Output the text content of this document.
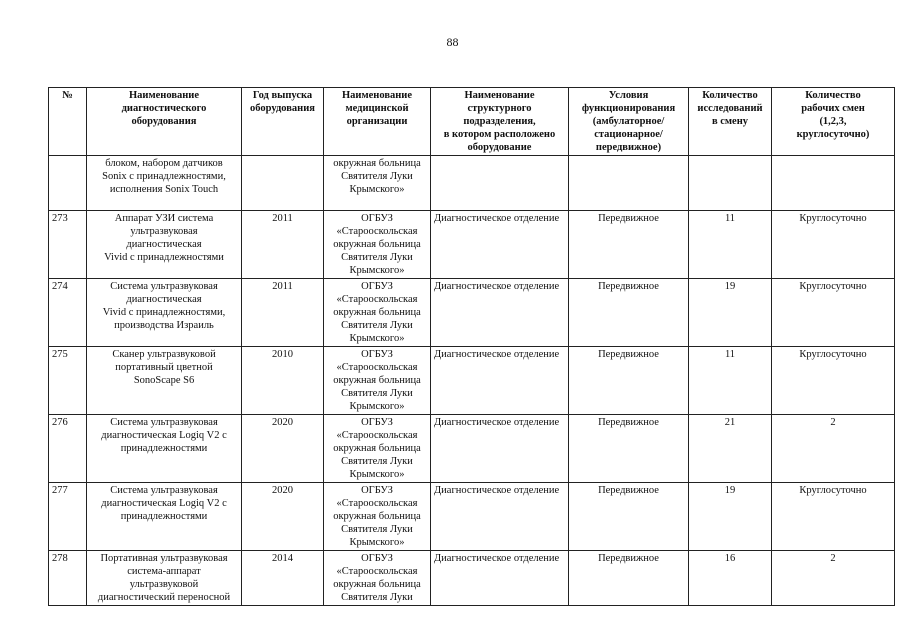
88
№	Наименование
диагностического
оборудования	Год выпуска
оборудования	Наименование
медицинской
организации	Наименование
структурного
подразделения,
в котором расположено
оборудование	Условия
функционирования
(амбулаторное/
стационарное/
передвижное)	Количество
исследований
в смену	Количество
рабочих смен
(1,2,3,
круглосуточно)
	блоком, набором датчиков
Sonix с принадлежностями,
исполнения Sonix Touch		окружная больница
Святителя Луки
Крымского»				
273	Аппарат УЗИ система
ультразвуковая
диагностическая
Vivid с принадлежностями	2011	ОГБУЗ
«Старооскольская
окружная больница
Святителя Луки
Крымского»	Диагностическое отделение	Передвижное	11	Круглосуточно
274	Система ультразвуковая
диагностическая
Vivid с принадлежностями,
производства Израиль	2011	ОГБУЗ
«Старооскольская
окружная больница
Святителя Луки
Крымского»	Диагностическое отделение	Передвижное	19	Круглосуточно
275	Сканер ультразвуковой
портативный цветной
SonoScape S6	2010	ОГБУЗ
«Старооскольская
окружная больница
Святителя Луки
Крымского»	Диагностическое отделение	Передвижное	11	Круглосуточно
276	Система ультразвуковая
диагностическая Logiq V2 с
принадлежностями	2020	ОГБУЗ
«Старооскольская
окружная больница
Святителя Луки
Крымского»	Диагностическое отделение	Передвижное	21	2
277	Система ультразвуковая
диагностическая Logiq V2 с
принадлежностями	2020	ОГБУЗ
«Старооскольская
окружная больница
Святителя Луки
Крымского»	Диагностическое отделение	Передвижное	19	Круглосуточно
278	Портативная ультразвуковая
система-аппарат
ультразвуковой
диагностический переносной	2014	ОГБУЗ
«Старооскольская
окружная больница
Святителя Луки	Диагностическое отделение	Передвижное	16	2
